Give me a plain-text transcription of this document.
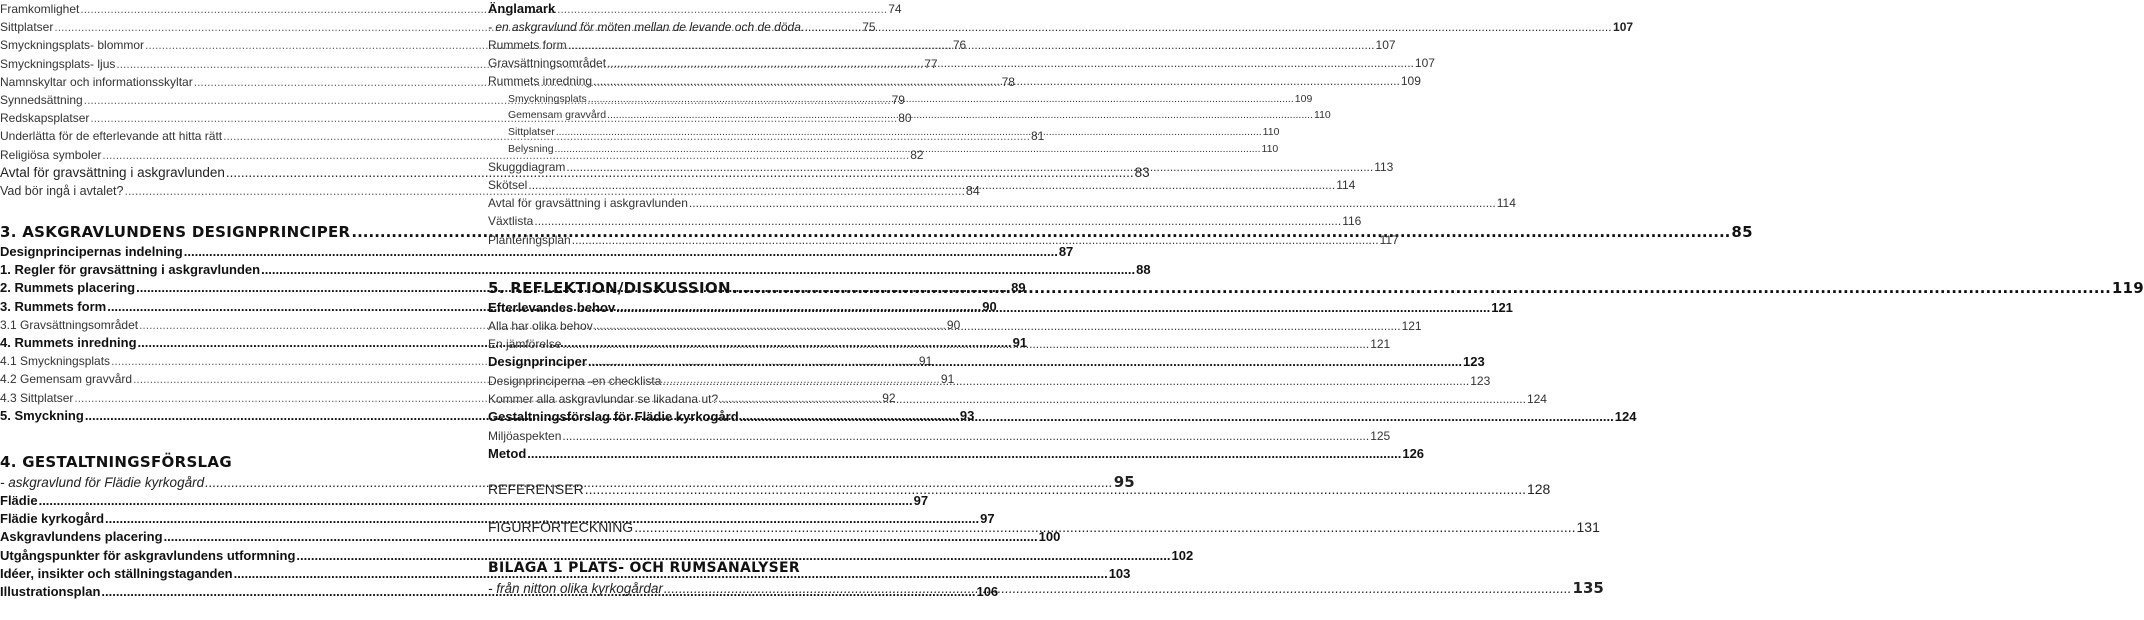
Framkomlighet .....	74
Sittplatser .....	75
Smyckningsplats- blommor .....	76
Smyckningsplats- ljus .....	77
Namnskyltar och informationsskyltar .....	78
Synnedsättning .....	79
Redskapsplatser .....	80
Underlätta för de efterlevande att hitta rätt .....	81
Religiösa symboler .....	82
Avtal för gravsättning i askgravlunden .....	83
Vad bör ingå i avtalet? .....	84
3. ASKGRAVLUNDENS DESIGNPRINCIPER .....	85
Designprincipernas indelning .....	87
1. Regler för gravsättning i askgravlunden .....	88
2. Rummets placering .....	89
3. Rummets form .....	90
3.1 Gravsättningsområdet .....	90
4. Rummets inredning .....	91
4.1 Smyckningsplats .....	91
4.2 Gemensam gravvård .....	91
4.3 Sittplatser .....	92
5. Smyckning .....	93
4. GESTALTNINGSFÖRSLAG
- askgravlund för Flädie kyrkogård .....	95
Flädie .....	97
Flädie kyrkogård .....	97
Askgravlundens placering .....	100
Utgångspunkter för askgravlundens utformning .....	102
Idéer, insikter och ställningstaganden .....	103
Illustrationsplan .....	106
Änglamark
- en askgravlund för möten mellan de levande och de döda. .....	107
Rummets form .....	107
Gravsättningsområdet .....	107
Rummets inredning .....	109
Smyckningsplats .....	109
Gemensam gravvård .....	110
Sittplatser .....	110
Belysning .....	110
Skuggdiagram .....	113
Skötsel .....	114
Avtal för gravsättning i askgravlunden .....	114
Växtlista .....	116
Planteringsplan .....	117
5. REFLEKTION/DISKUSSION .....	119
Efterlevandes behov .....	121
Alla har olika behov .....	121
En jämförelse .....	121
Designprinciper .....	123
Designprinciperna -en checklista .....	123
Kommer alla askgravlundar se likadana ut? .....	124
Gestaltningsförslag för Flädie kyrkogård .....	124
Miljöaspekten .....	125
Metod .....	126
REFERENSER .....	128
FIGURFÖRTECKNING .....	131
BILAGA 1 PLATS- OCH RUMSANALYSER
- från nitton olika kyrkogårdar .....	135
